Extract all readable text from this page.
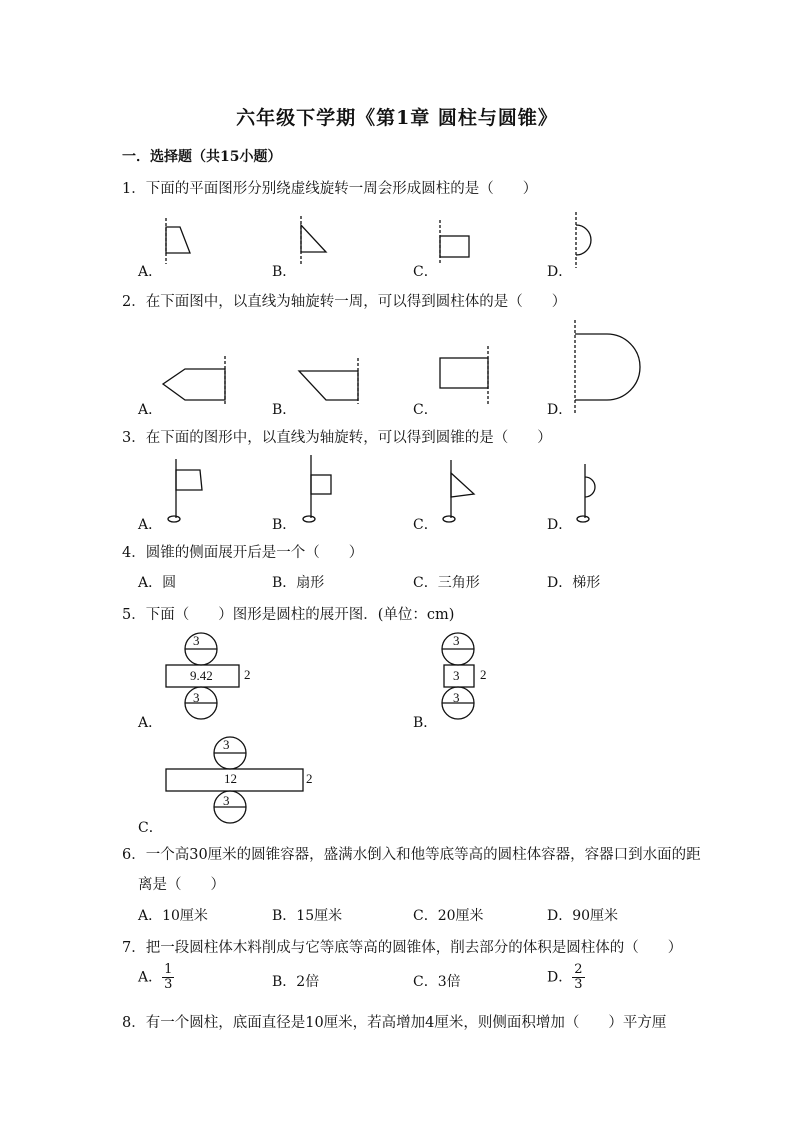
六年级下学期《第1章 圆柱与圆锥》
一．选择题（共15小题）
1．下面的平面图形分别绕虚线旋转一周会形成圆柱的是（　　）
A．	B．	C．	D．
2．在下面图中，以直线为轴旋转一周，可以得到圆柱体的是（　　）
A．	B．	C．	D．
3．在下面的图形中，以直线为轴旋转，可以得到圆锥的是（　　）
A．	B．	C．	D．
4．圆锥的侧面展开后是一个（　　）
A．圆	B．扇形	C．三角形	D．梯形
5．下面（　　）图形是圆柱的展开图．(单位：cm)
A．	B．
C．
3
9.42 2
3
3
3 2
3
3
12	2
3
6．一个高30厘米的圆锥容器，盛满水倒入和他等底等高的圆柱体容器，容器口到水面的距
离是（　　）
A．10厘米	B．15厘米	C．20厘米	D．90厘米
7．把一段圆柱体木料削成与它等底等高的圆锥体，削去部分的体积是圆柱体的（　　）
A． $\frac{1}{3}$	B．2倍	C．3倍	D． $\frac{2}{3}$
8．有一个圆柱，底面直径是10厘米，若高增加4厘米，则侧面积增加（　　）平方厘
